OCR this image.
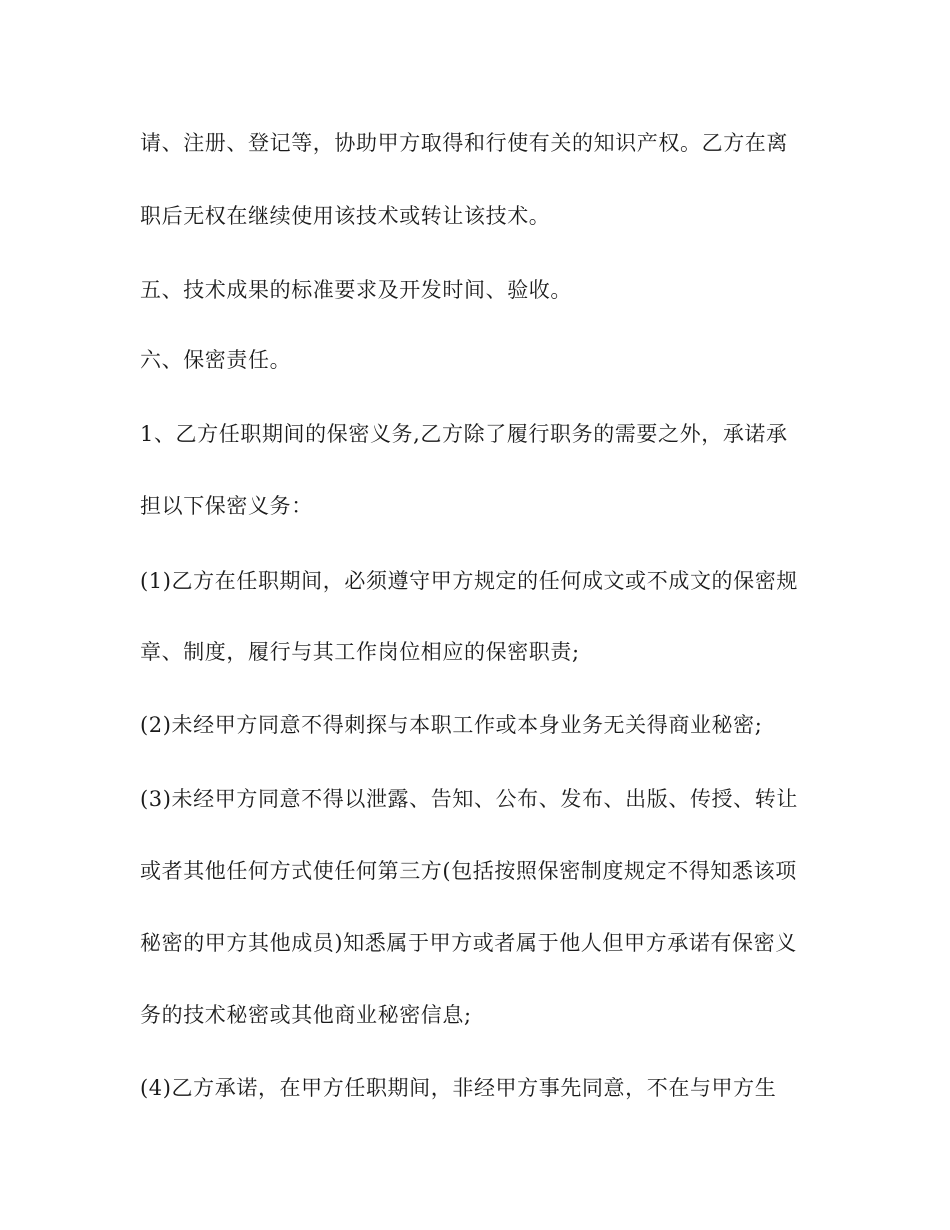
请、注册、登记等，协助甲方取得和行使有关的知识产权。乙方在离
职后无权在继续使用该技术或转让该技术。
五、技术成果的标准要求及开发时间、验收。
六、保密责任。
1、乙方任职期间的保密义务,乙方除了履行职务的需要之外，承诺承
担以下保密义务：
(1)乙方在任职期间，必须遵守甲方规定的任何成文或不成文的保密规
章、制度，履行与其工作岗位相应的保密职责;
(2)未经甲方同意不得刺探与本职工作或本身业务无关得商业秘密;
(3)未经甲方同意不得以泄露、告知、公布、发布、出版、传授、转让
或者其他任何方式使任何第三方(包括按照保密制度规定不得知悉该项
秘密的甲方其他成员)知悉属于甲方或者属于他人但甲方承诺有保密义
务的技术秘密或其他商业秘密信息;
(4)乙方承诺，在甲方任职期间，非经甲方事先同意，不在与甲方生
